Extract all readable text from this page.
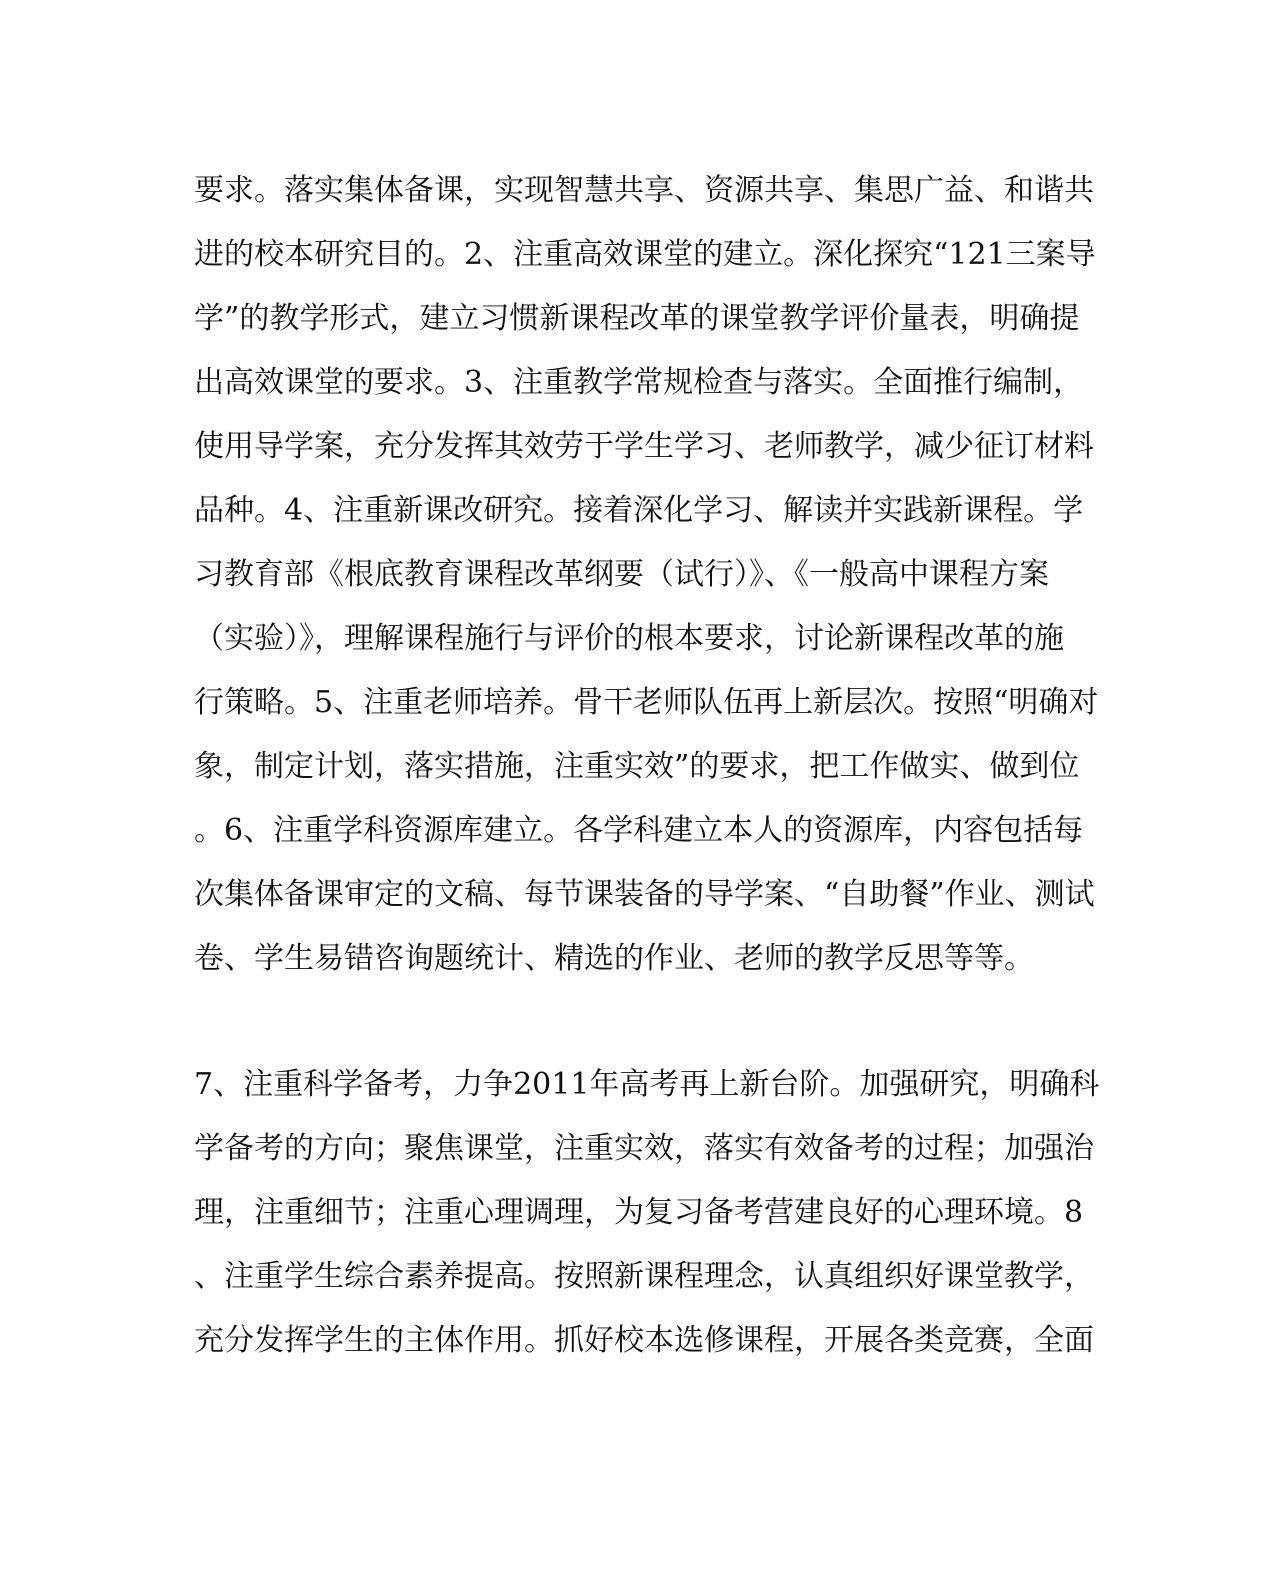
要求。落实集体备课，实现智慧共享、资源共享、集思广益、和谐共
进的校本研究目的。2、注重高效课堂的建立。深化探究“121三案导
学”的教学形式，建立习惯新课程改革的课堂教学评价量表，明确提
出高效课堂的要求。3、注重教学常规检查与落实。全面推行编制，
使用导学案，充分发挥其效劳于学生学习、老师教学，减少征订材料
品种。4、注重新课改研究。接着深化学习、解读并实践新课程。学
习教育部《根底教育课程改革纲要（试行）》、《一般高中课程方案
（实验）》，理解课程施行与评价的根本要求，讨论新课程改革的施
行策略。5、注重老师培养。骨干老师队伍再上新层次。按照“明确对
象，制定计划，落实措施，注重实效”的要求，把工作做实、做到位
。6、注重学科资源库建立。各学科建立本人的资源库，内容包括每
次集体备课审定的文稿、每节课装备的导学案、“自助餐”作业、测试
卷、学生易错咨询题统计、精选的作业、老师的教学反思等等。
7、注重科学备考，力争2011年高考再上新台阶。加强研究，明确科
学备考的方向；聚焦课堂，注重实效，落实有效备考的过程；加强治
理，注重细节；注重心理调理，为复习备考营建良好的心理环境。8
、注重学生综合素养提高。按照新课程理念，认真组织好课堂教学，
充分发挥学生的主体作用。抓好校本选修课程，开展各类竞赛，全面
